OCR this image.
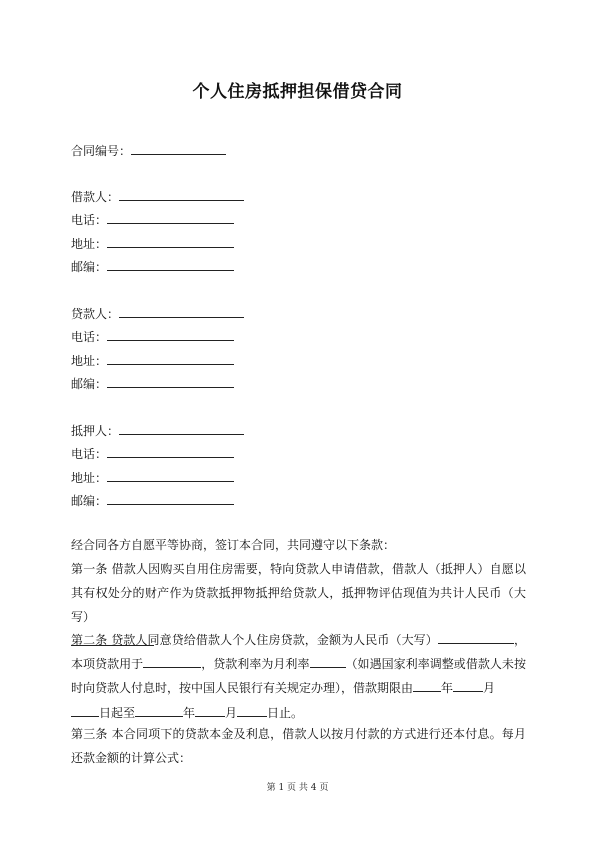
个人住房抵押担保借贷合同
合同编号：
借款人：
电话：
地址：
邮编：
贷款人：
电话：
地址：
邮编：
抵押人：
电话：
地址：
邮编：
经合同各方自愿平等协商，签订本合同，共同遵守以下条款：
第一条 借款人因购买自用住房需要，特向贷款人申请借款，借款人（抵押人）自愿以其有权处分的财产作为贷款抵押物抵押给贷款人，抵押物评估现值为共计人民币（大写）

第二条 贷款人同意贷给借款人个人住房贷款，金额为人民币（大写）	，本项贷款用于	，贷款利率为月利率	（如遇国家利率调整或借款人未按时向贷款人付息时，按中国人民银行有关规定办理），借款期限由 年	月
日起至	年	月	日止。
第三条 本合同项下的贷款本金及利息，借款人以按月付款的方式进行还本付息。每月还款金额的计算公式：
第 1 页 共 4 页
